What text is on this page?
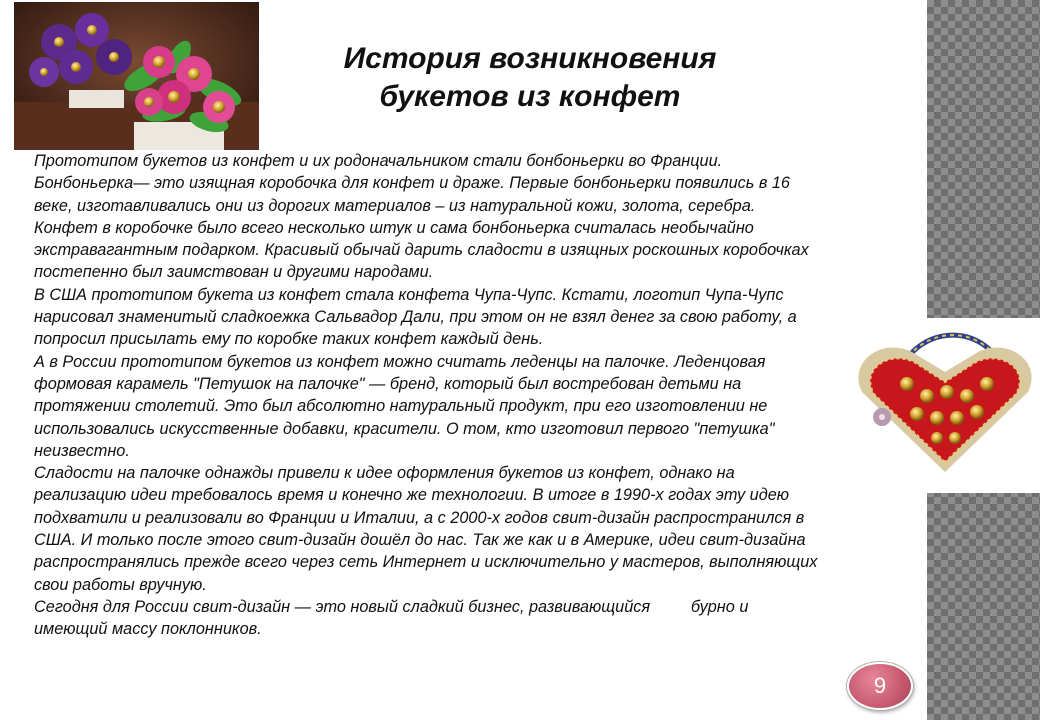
История возникновения
букетов из конфет
Прототипом букетов из конфет и их родоначальником стали бонбоньерки во Франции.
Бонбоньерка— это изящная коробочка для конфет и драже. Первые бонбоньерки появились в 16
веке, изготавливались они из дорогих материалов – из натуральной кожи, золота, серебра.
Конфет в коробочке было всего несколько штук и сама бонбоньерка считалась необычайно
экстравагантным подарком. Красивый обычай дарить сладости в изящных роскошных коробочках
постепенно был заимствован и другими народами.
В США прототипом букета из конфет стала конфета Чупа-Чупс. Кстати, логотип Чупа-Чупс
нарисовал знаменитый сладкоежка Сальвадор Дали, при этом он не взял денег за свою работу, а
попросил присылать ему по коробке таких конфет каждый день.
А в России прототипом букетов из конфет можно считать леденцы на палочке. Леденцовая
формовая карамель "Петушок на палочке" — бренд, который был востребован детьми на
протяжении столетий. Это был абсолютно натуральный продукт, при его изготовлении не
использовались искусственные добавки, красители. О том, кто изготовил первого "петушка"
неизвестно.
Сладости на палочке однажды привели к идее оформления букетов из конфет, однако на
реализацию идеи требовалось время и конечно же технологии. В итоге в 1990-х годах эту идею
подхватили и реализовали во Франции и Италии, а с 2000-х годов свит-дизайн распространился в
США. И только после этого свит-дизайн дошёл до нас. Так же как и в Америке, идеи свит-дизайна
распространялись прежде всего через сеть Интернет и исключительно у мастеров, выполняющих
свои работы вручную.
Сегодня для России свит-дизайн — это новый сладкий бизнес, развивающийся         бурно и
имеющий массу поклонников.
9
